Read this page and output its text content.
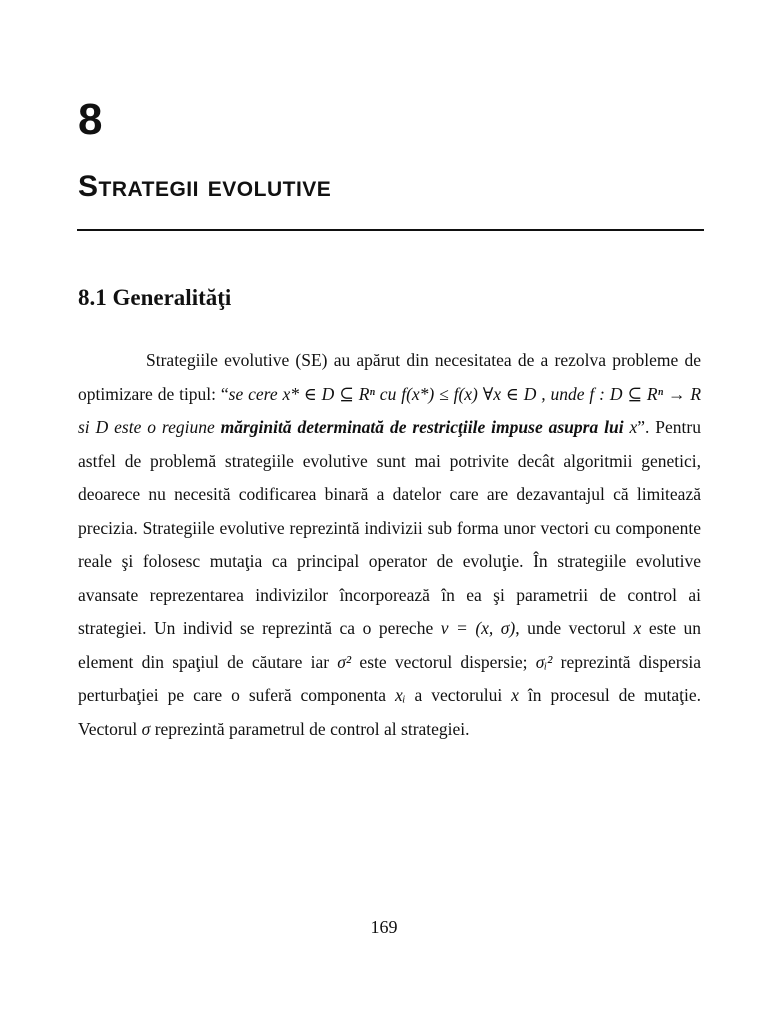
8
Strategii evolutive
8.1 Generalităţi

Strategiile evolutive (SE) au apărut din necesitatea de a rezolva probleme de optimizare de tipul: “se cere x* ∈ D ⊆ Rⁿ cu f(x*) ≤ f(x) ∀x ∈ D , unde f : D ⊆ Rⁿ → R si D este o regiune mărginită determinată de restricţiile impuse asupra lui x”. Pentru astfel de problemă strategiile evolutive sunt mai potrivite decât algoritmii genetici, deoarece nu necesită codificarea binară a datelor care are dezavantajul că limitează precizia. Strategiile evolutive reprezintă indivizii sub forma unor vectori cu componente reale şi folosesc mutaţia ca principal operator de evoluţie. În strategiile evolutive avansate reprezentarea indivizilor încorporează în ea şi parametrii de control ai strategiei. Un individ se reprezintă ca o pereche v = (x, σ), unde vectorul x este un element din spaţiul de căutare iar σ² este vectorul dispersie; σᵢ² reprezintă dispersia perturbaţiei pe care o suferă componenta xᵢ a vectorului x în procesul de mutaţie. Vectorul σ reprezintă parametrul de control al strategiei.

169
